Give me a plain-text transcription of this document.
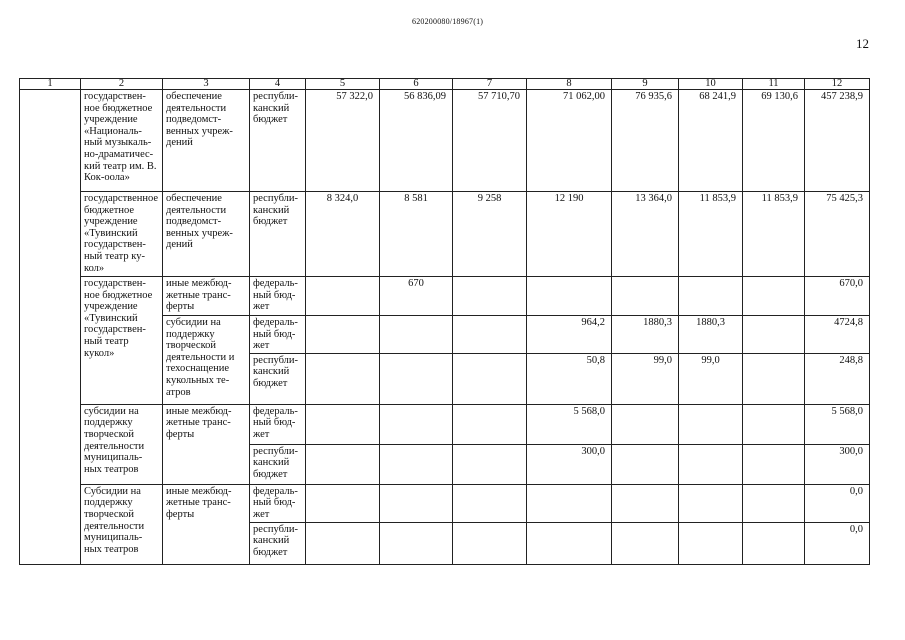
620200080/18967(1)
12
1	2	3	4	5	6	7	8	9	10	11	12
	государствен-ное бюджетное учреждение «Националь-ный музыкаль-но-драматичес-кий театр им. В. Кок-оола»	обеспечение деятельности подведомст-венных учреж-дений	республи-канский бюджет	57 322,0	56 836,09	57 710,70	71 062,00	76 935,6	68 241,9	69 130,6	457 238,9
	государственное бюджетное учреждение «Тувинский государствен-ный театр ку-кол»	обеспечение деятельности подведомст-венных учреж-дений	республи-канский бюджет	8 324,0	8 581	9 258	12 190	13 364,0	11 853,9	11 853,9	75 425,3
	государствен-ное бюджетное учреждение «Тувинский государствен-ный театр кукол»	иные межбюд-жетные транс-ферты	федераль-ный бюд-жет		670						670,0
		субсидии на поддержку творческой деятельности и техоснащение кукольных те-атров	федераль-ный бюд-жет				964,2	1880,3	1880,3		4724,8
			республи-канский бюджет				50,8	99,0	99,0		248,8
	субсидии на поддержку творческой деятельности муниципаль-ных театров	иные межбюд-жетные транс-ферты	федераль-ный бюд-жет				5 568,0				5 568,0
			республи-канский бюджет				300,0				300,0
	Субсидии на поддержку творческой деятельности муниципаль-ных театров	иные межбюд-жетные транс-ферты	федераль-ный бюд-жет								0,0
			республи-канский бюджет								0,0
